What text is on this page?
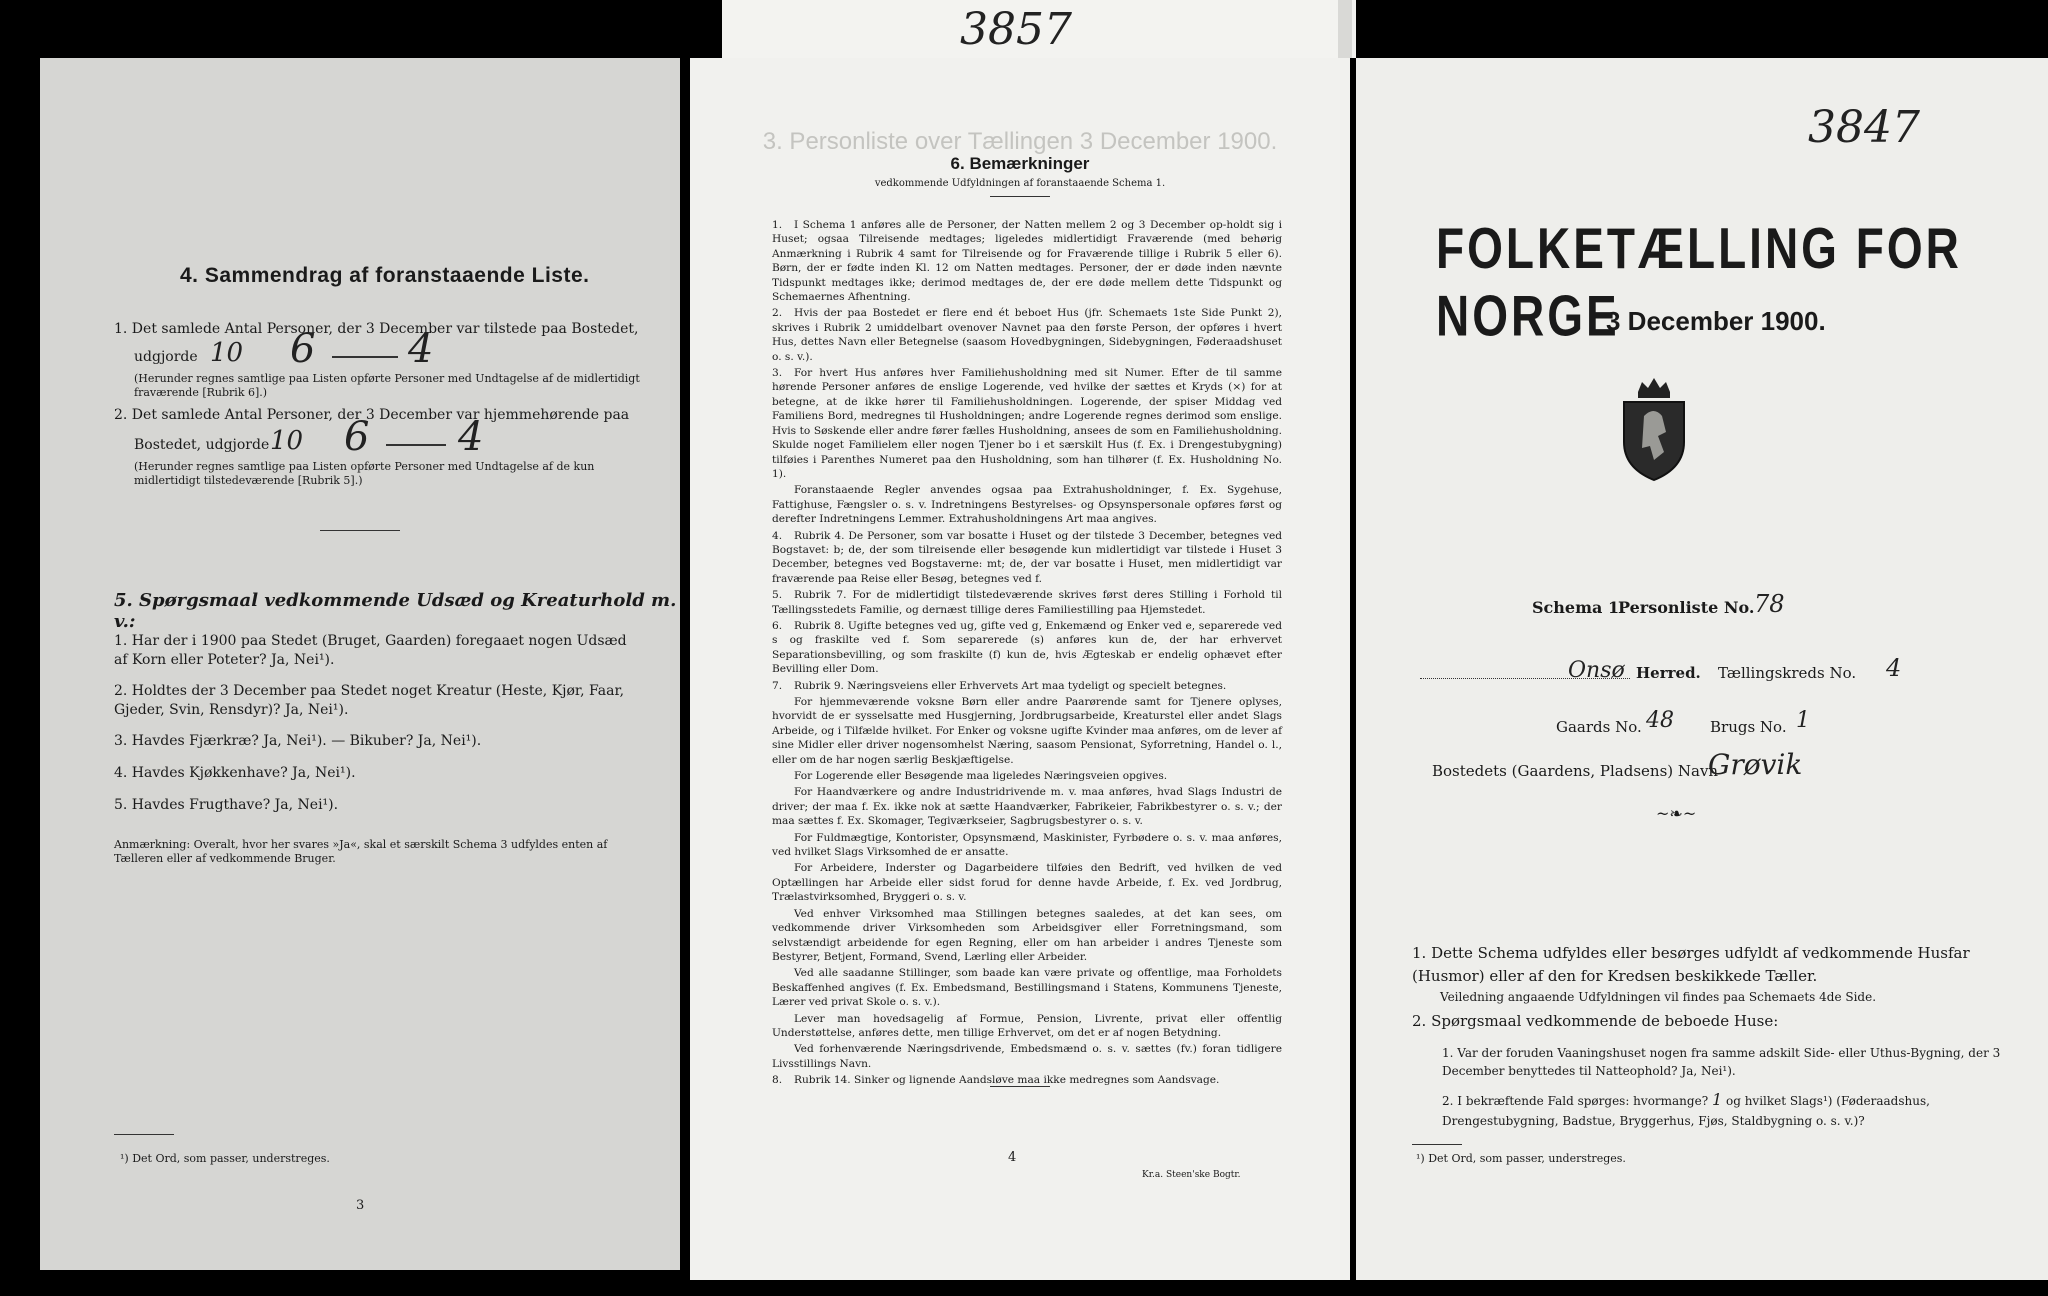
3857
4. Sammendrag af foranstaaende Liste.
1. Det samlede Antal Personer, der 3 December var tilstede paa Bostedet,
udgjorde 10 6 4
(Herunder regnes samtlige paa Listen opførte Personer med Undtagelse af de midlertidigt fraværende [Rubrik 6].)
2. Det samlede Antal Personer, der 3 December var hjemmehørende paa
Bostedet, udgjorde 10 6 4
(Herunder regnes samtlige paa Listen opførte Personer med Undtagelse af de kun midlertidigt tilstedeværende [Rubrik 5].)
5. Spørgsmaal vedkommende Udsæd og Kreaturhold m. v.:
1. Har der i 1900 paa Stedet (Bruget, Gaarden) foregaaet nogen Udsæd af Korn eller Poteter? Ja, Nei¹).
2. Holdtes der 3 December paa Stedet noget Kreatur (Heste, Kjør, Faar, Gjeder, Svin, Rensdyr)? Ja, Nei¹).
3. Havdes Fjærkræ? Ja, Nei¹). — Bikuber? Ja, Nei¹).
4. Havdes Kjøkkenhave? Ja, Nei¹).
5. Havdes Frugthave? Ja, Nei¹).
Anmærkning: Overalt, hvor her svares »Ja«, skal et særskilt Schema 3 udfyldes enten af Tælleren eller af vedkommende Bruger.
¹) Det Ord, som passer, understreges.
3
3. Personliste over Tællingen 3 December 1900.
6. Bemærkninger
vedkommende Udfyldningen af foranstaaende Schema 1.
1. I Schema 1 anføres alle de Personer, der Natten mellem 2 og 3 December op-holdt sig i Huset; ogsaa Tilreisende medtages; ligeledes midlertidigt Fraværende (med behørig Anmærkning i Rubrik 4 samt for Tilreisende og for Fraværende tillige i Rubrik 5 eller 6). Børn, der er fødte inden Kl. 12 om Natten medtages. Personer, der er døde inden nævnte Tidspunkt medtages ikke; derimod medtages de, der ere døde mellem dette Tidspunkt og Schemaernes Afhentning.
2. Hvis der paa Bostedet er flere end ét beboet Hus (jfr. Schemaets 1ste Side Punkt 2), skrives i Rubrik 2 umiddelbart ovenover Navnet paa den første Person, der opføres i hvert Hus, dettes Navn eller Betegnelse (saasom Hovedbygningen, Sidebygningen, Føderaadshuset o. s. v.).
3. For hvert Hus anføres hver Familiehusholdning med sit Numer. Efter de til samme hørende Personer anføres de enslige Logerende, ved hvilke der sættes et Kryds (×) for at betegne, at de ikke hører til Familiehusholdningen. Logerende, der spiser Middag ved Familiens Bord, medregnes til Husholdningen; andre Logerende regnes derimod som enslige. Hvis to Søskende eller andre fører fælles Husholdning, ansees de som en Familiehusholdning. Skulde noget Familielem eller nogen Tjener bo i et særskilt Hus (f. Ex. i Drengestubygning) tilføies i Parenthes Numeret paa den Husholdning, som han tilhører (f. Ex. Husholdning No. 1).
Foranstaaende Regler anvendes ogsaa paa Extrahusholdninger, f. Ex. Sygehuse, Fattighuse, Fængsler o. s. v. Indretningens Bestyrelses- og Opsynspersonale opføres først og derefter Indretningens Lemmer. Extrahusholdningens Art maa angives.
4. Rubrik 4. De Personer, som var bosatte i Huset og der tilstede 3 December, betegnes ved Bogstavet: b; de, der som tilreisende eller besøgende kun midlertidigt var tilstede i Huset 3 December, betegnes ved Bogstaverne: mt; de, der var bosatte i Huset, men midlertidigt var fraværende paa Reise eller Besøg, betegnes ved f.
5. Rubrik 7. For de midlertidigt tilstedeværende skrives først deres Stilling i Forhold til Tællingsstedets Familie, og dernæst tillige deres Familiestilling paa Hjemstedet.
6. Rubrik 8. Ugifte betegnes ved ug, gifte ved g, Enkemænd og Enker ved e, separerede ved s og fraskilte ved f. Som separerede (s) anføres kun de, der har erhvervet Separationsbevilling, og som fraskilte (f) kun de, hvis Ægteskab er endelig ophævet efter Bevilling eller Dom.
7. Rubrik 9. Næringsveiens eller Erhvervets Art maa tydeligt og specielt betegnes.
For hjemmeværende voksne Børn eller andre Paarørende samt for Tjenere oplyses, hvorvidt de er sysselsatte med Husgjerning, Jordbrugsarbeide, Kreaturstel eller andet Slags Arbeide, og i Tilfælde hvilket. For Enker og voksne ugifte Kvinder maa anføres, om de lever af sine Midler eller driver nogensomhelst Næring, saasom Pensionat, Syforretning, Handel o. l., eller om de har nogen særlig Beskjæftigelse.
For Logerende eller Besøgende maa ligeledes Næringsveien opgives.
For Haandværkere og andre Industridrivende m. v. maa anføres, hvad Slags Industri de driver; der maa f. Ex. ikke nok at sætte Haandværker, Fabrikeier, Fabrikbestyrer o. s. v.; der maa sættes f. Ex. Skomager, Tegiværkseier, Sagbrugsbestyrer o. s. v.
For Fuldmægtige, Kontorister, Opsynsmænd, Maskinister, Fyrbødere o. s. v. maa anføres, ved hvilket Slags Virksomhed de er ansatte.
For Arbeidere, Inderster og Dagarbeidere tilføies den Bedrift, ved hvilken de ved Optællingen har Arbeide eller sidst forud for denne havde Arbeide, f. Ex. ved Jordbrug, Trælastvirksomhed, Bryggeri o. s. v.
Ved enhver Virksomhed maa Stillingen betegnes saaledes, at det kan sees, om vedkommende driver Virksomheden som Arbeidsgiver eller Forretningsmand, som selvstændigt arbeidende for egen Regning, eller om han arbeider i andres Tjeneste som Bestyrer, Betjent, Formand, Svend, Lærling eller Arbeider.
Ved alle saadanne Stillinger, som baade kan være private og offentlige, maa Forholdets Beskaffenhed angives (f. Ex. Embedsmand, Bestillingsmand i Statens, Kommunens Tjeneste, Lærer ved privat Skole o. s. v.).
Lever man hovedsagelig af Formue, Pension, Livrente, privat eller offentlig Understøttelse, anføres dette, men tillige Erhvervet, om det er af nogen Betydning.
Ved forhenværende Næringsdrivende, Embedsmænd o. s. v. sættes (fv.) foran tidligere Livsstillings Navn.
8. Rubrik 14. Sinker og lignende Aandsløve maa ikke medregnes som Aandsvage.
4
Kr.a. Steen'ske Bogtr.
3847
FOLKETÆLLING FOR NORGE
3 December 1900.
Schema 1.
Personliste No. 78
Onsø Herred. Tællingskreds No. 4
Gaards No. 48 Brugs No. 1
Bostedets (Gaardens, Pladsens) Navn
Grøvik
~❧~
1. Dette Schema udfyldes eller besørges udfyldt af vedkommende Husfar (Husmor) eller af den for Kredsen beskikkede Tæller.
Veiledning angaaende Udfyldningen vil findes paa Schemaets 4de Side.
2. Spørgsmaal vedkommende de beboede Huse:
1. Var der foruden Vaaningshuset nogen fra samme adskilt Side- eller Uthus-Bygning, der 3 December benyttedes til Natteophold? Ja, Nei¹).
2. I bekræftende Fald spørges: hvormange? 1 og hvilket Slags¹) (Føderaadshus, Drengestubygning, Badstue, Bryggerhus, Fjøs, Staldbygning o. s. v.)?
¹) Det Ord, som passer, understreges.
